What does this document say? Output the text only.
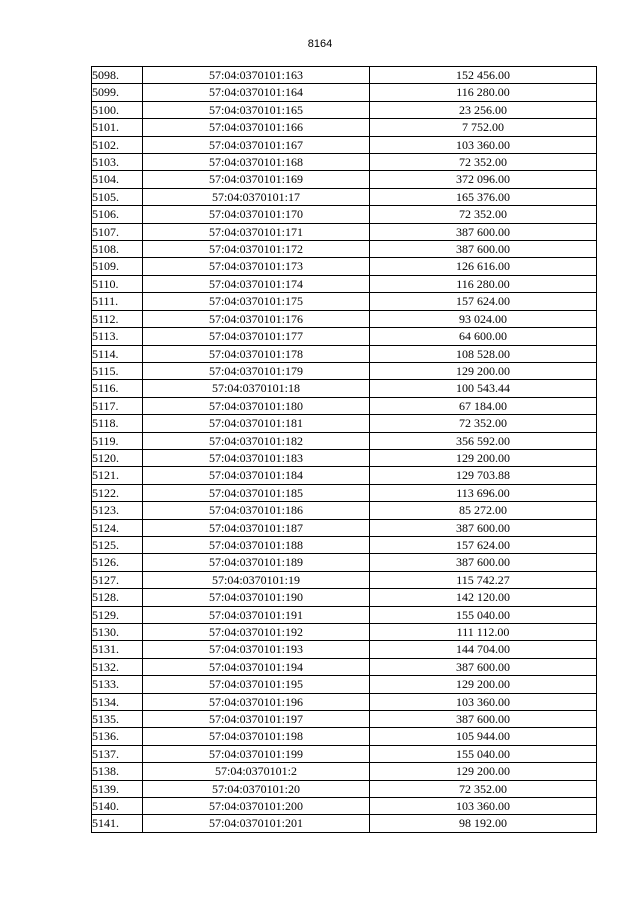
8164
5098.	57:04:0370101:163	152 456.00
5099.	57:04:0370101:164	116 280.00
5100.	57:04:0370101:165	23 256.00
5101.	57:04:0370101:166	7 752.00
5102.	57:04:0370101:167	103 360.00
5103.	57:04:0370101:168	72 352.00
5104.	57:04:0370101:169	372 096.00
5105.	57:04:0370101:17	165 376.00
5106.	57:04:0370101:170	72 352.00
5107.	57:04:0370101:171	387 600.00
5108.	57:04:0370101:172	387 600.00
5109.	57:04:0370101:173	126 616.00
5110.	57:04:0370101:174	116 280.00
5111.	57:04:0370101:175	157 624.00
5112.	57:04:0370101:176	93 024.00
5113.	57:04:0370101:177	64 600.00
5114.	57:04:0370101:178	108 528.00
5115.	57:04:0370101:179	129 200.00
5116.	57:04:0370101:18	100 543.44
5117.	57:04:0370101:180	67 184.00
5118.	57:04:0370101:181	72 352.00
5119.	57:04:0370101:182	356 592.00
5120.	57:04:0370101:183	129 200.00
5121.	57:04:0370101:184	129 703.88
5122.	57:04:0370101:185	113 696.00
5123.	57:04:0370101:186	85 272.00
5124.	57:04:0370101:187	387 600.00
5125.	57:04:0370101:188	157 624.00
5126.	57:04:0370101:189	387 600.00
5127.	57:04:0370101:19	115 742.27
5128.	57:04:0370101:190	142 120.00
5129.	57:04:0370101:191	155 040.00
5130.	57:04:0370101:192	111 112.00
5131.	57:04:0370101:193	144 704.00
5132.	57:04:0370101:194	387 600.00
5133.	57:04:0370101:195	129 200.00
5134.	57:04:0370101:196	103 360.00
5135.	57:04:0370101:197	387 600.00
5136.	57:04:0370101:198	105 944.00
5137.	57:04:0370101:199	155 040.00
5138.	57:04:0370101:2	129 200.00
5139.	57:04:0370101:20	72 352.00
5140.	57:04:0370101:200	103 360.00
5141.	57:04:0370101:201	98 192.00
